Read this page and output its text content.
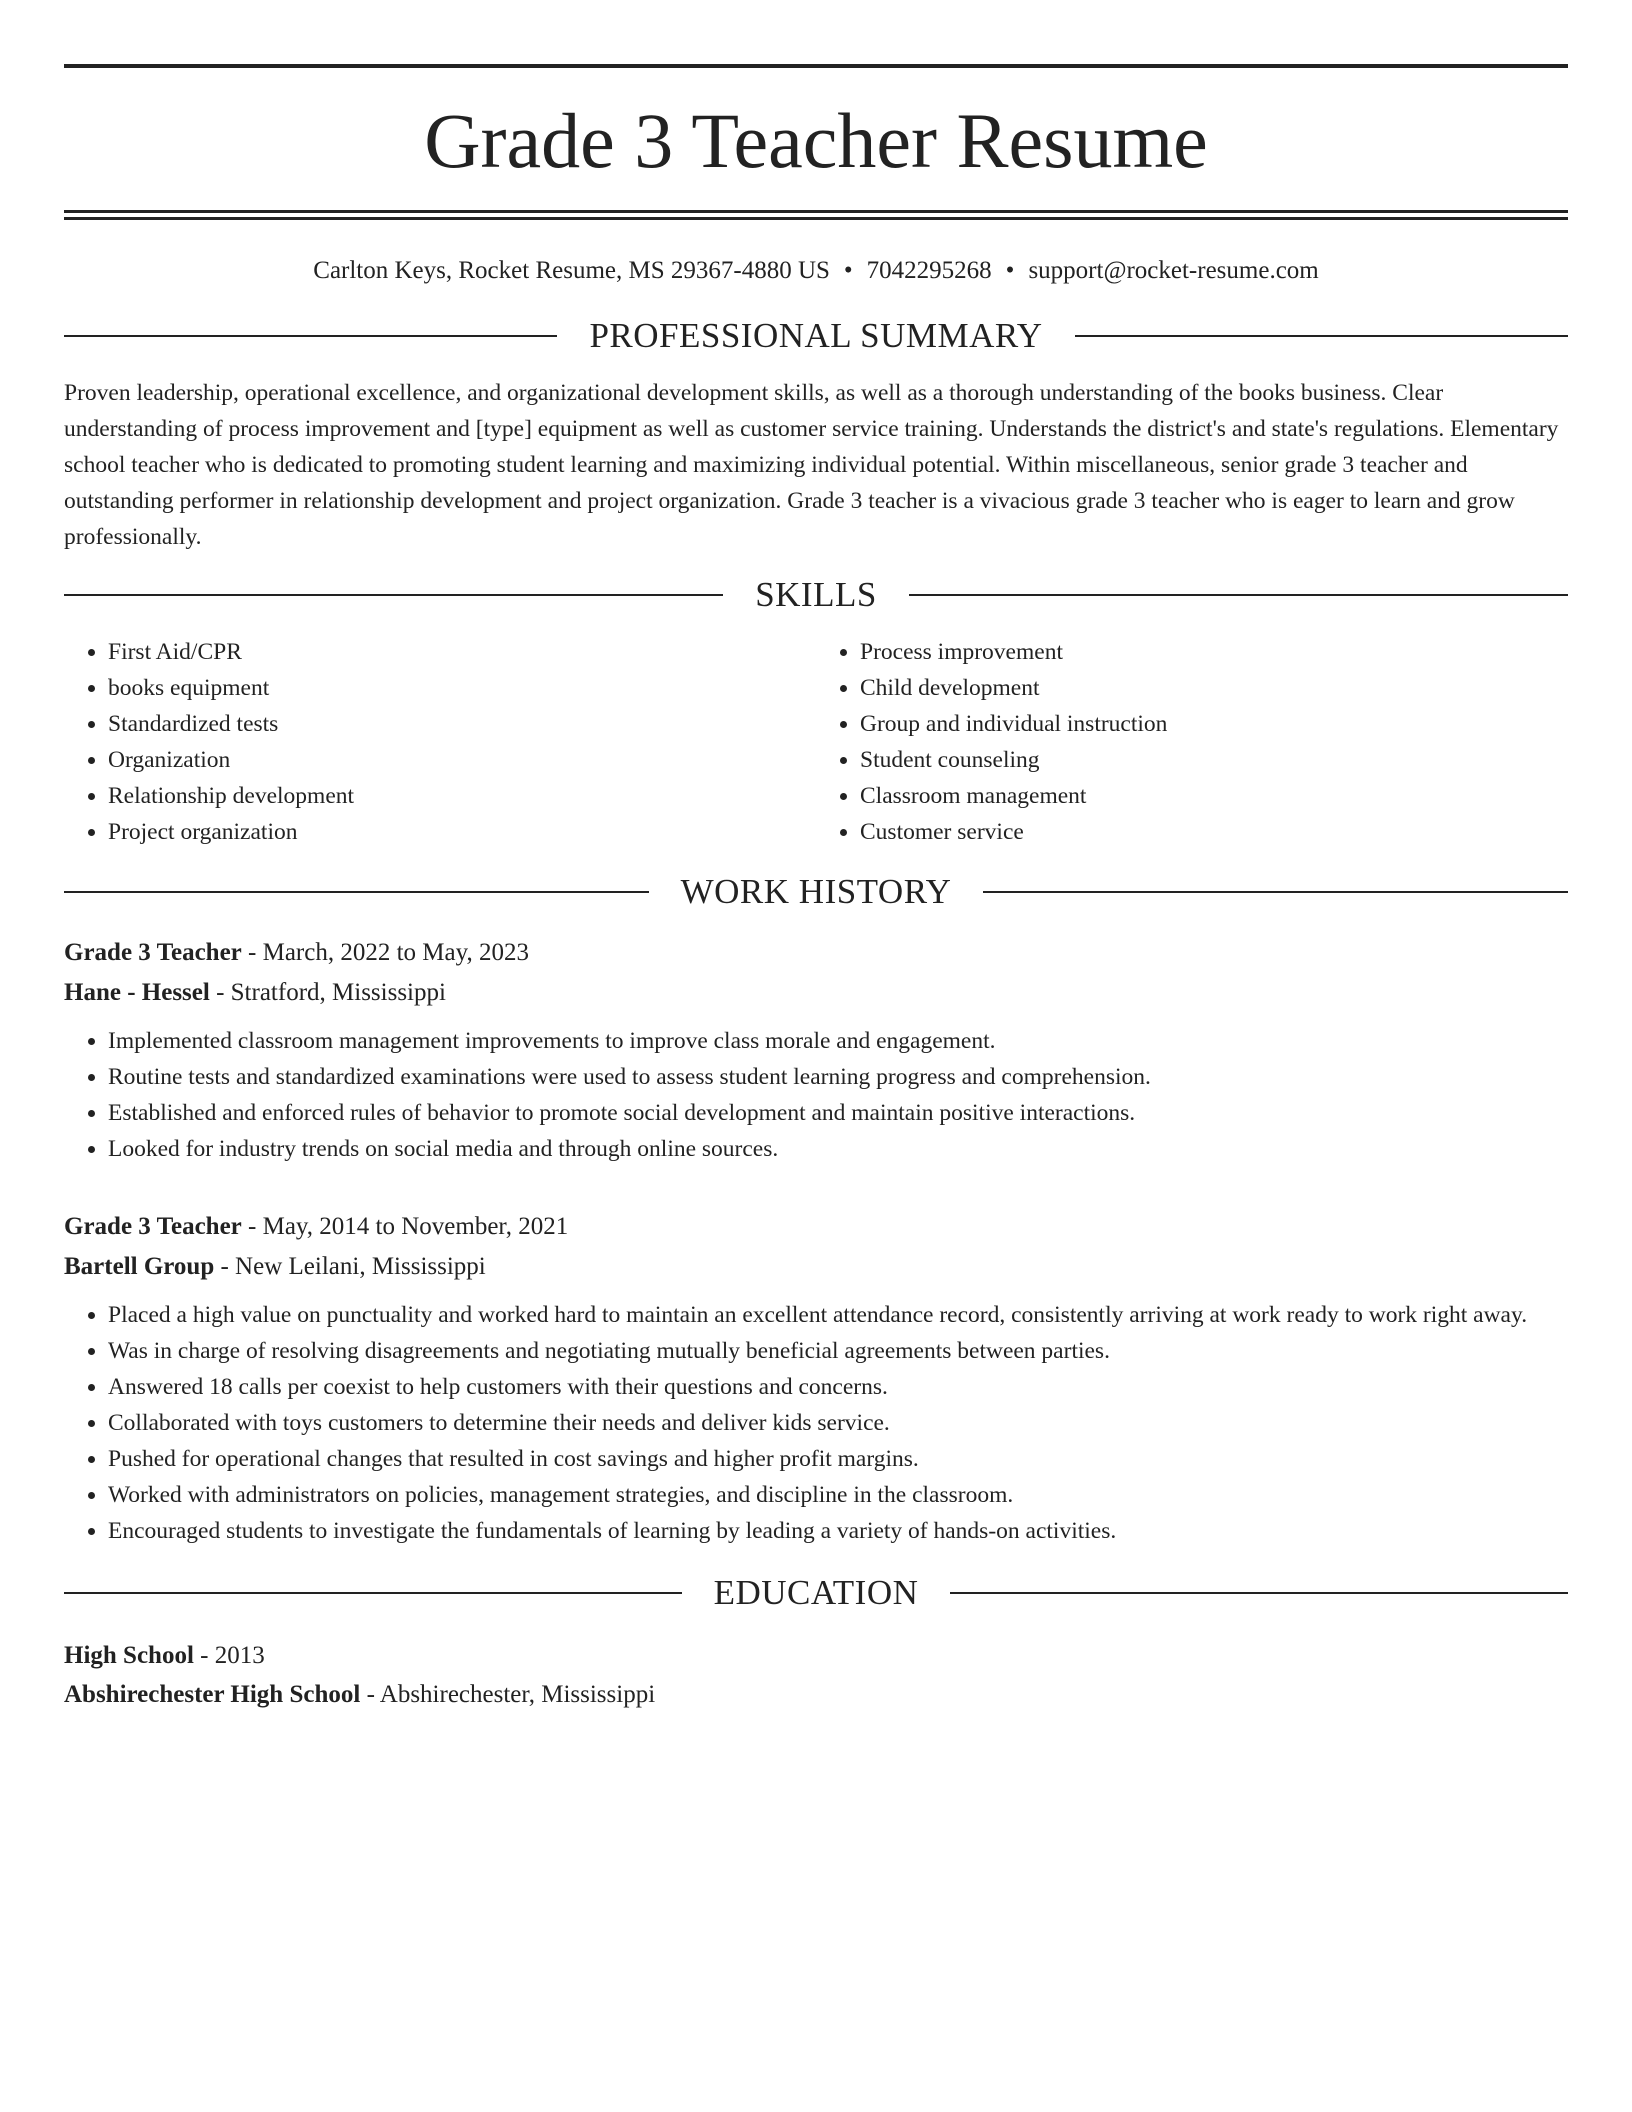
Grade 3 Teacher Resume
Carlton Keys, Rocket Resume, MS 29367-4880 US • 7042295268 • support@rocket-resume.com
PROFESSIONAL SUMMARY

Proven leadership, operational excellence, and organizational development skills, as well as a thorough understanding of the books business. Clear understanding of process improvement and [type] equipment as well as customer service training. Understands the district's and state's regulations. Elementary school teacher who is dedicated to promoting student learning and maximizing individual potential. Within miscellaneous, senior grade 3 teacher and outstanding performer in relationship development and project organization. Grade 3 teacher is a vivacious grade 3 teacher who is eager to learn and grow professionally.

SKILLS
• First Aid/CPR
• books equipment
• Standardized tests
• Organization
• Relationship development
• Project organization
• Process improvement
• Child development
• Group and individual instruction
• Student counseling
• Classroom management
• Customer service
WORK HISTORY
Grade 3 Teacher - March, 2022 to May, 2023
Hane - Hessel - Stratford, Mississippi
• Implemented classroom management improvements to improve class morale and engagement.
• Routine tests and standardized examinations were used to assess student learning progress and comprehension.
• Established and enforced rules of behavior to promote social development and maintain positive interactions.
• Looked for industry trends on social media and through online sources.
Grade 3 Teacher - May, 2014 to November, 2021
Bartell Group - New Leilani, Mississippi
• Placed a high value on punctuality and worked hard to maintain an excellent attendance record, consistently arriving at work ready to work right away.
• Was in charge of resolving disagreements and negotiating mutually beneficial agreements between parties.
• Answered 18 calls per coexist to help customers with their questions and concerns.
• Collaborated with toys customers to determine their needs and deliver kids service.
• Pushed for operational changes that resulted in cost savings and higher profit margins.
• Worked with administrators on policies, management strategies, and discipline in the classroom.
• Encouraged students to investigate the fundamentals of learning by leading a variety of hands-on activities.
EDUCATION
High School - 2013
Abshirechester High School - Abshirechester, Mississippi
